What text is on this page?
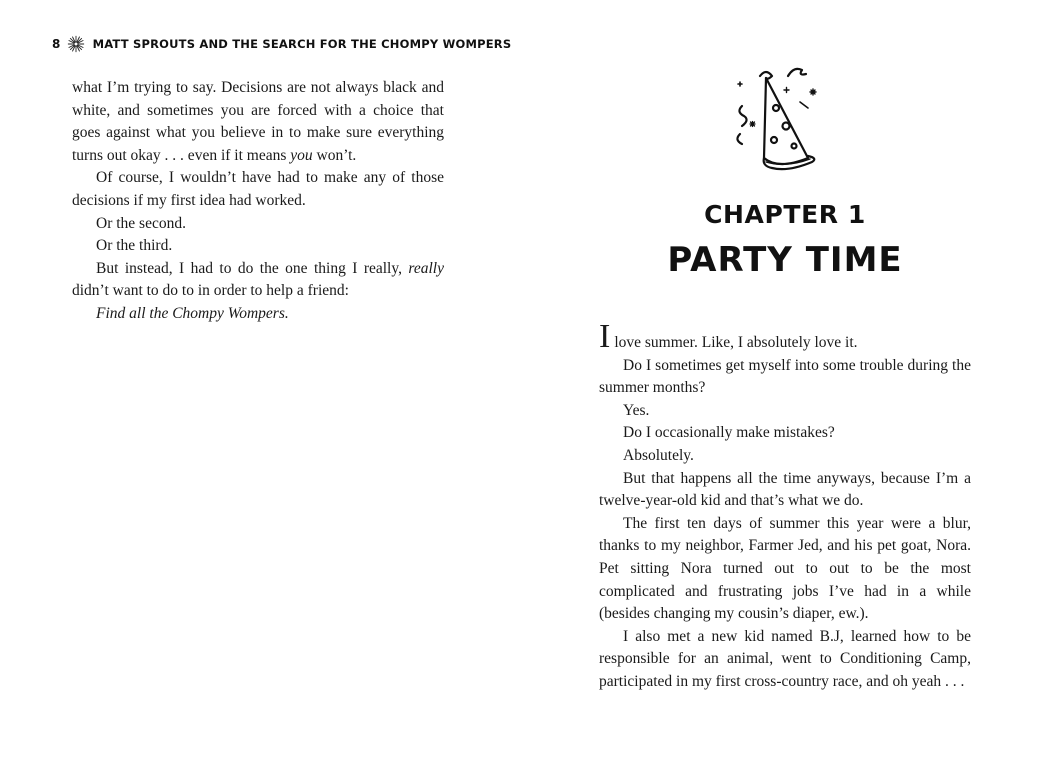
8	MATT SPROUTS AND THE SEARCH FOR THE CHOMPY WOMPERS

what I’m trying to say. Decisions are not always black and white, and sometimes you are forced with a choice that goes against what you believe in to make sure everything turns out okay . . . even if it means you won’t.

Of course, I wouldn’t have had to make any of those decisions if my first idea had worked.

Or the second.

Or the third.

But instead, I had to do the one thing I really, really didn’t want to do to in order to help a friend:

Find all the Chompy Wompers.

CHAPTER 1
PARTY TIME

Ilove summer. Like, I absolutely love it.

Do I sometimes get myself into some trouble during the summer months?

Yes.

Do I occasionally make mistakes?

Absolutely.

But that happens all the time anyways, because I’m a twelve-year-old kid and that’s what we do.

The first ten days of summer this year were a blur, thanks to my neighbor, Farmer Jed, and his pet goat, Nora. Pet sitting Nora turned out to out to be the most complicated and frustrating jobs I’ve had in a while (besides changing my cousin’s diaper, ew.).

I also met a new kid named B.J, learned how to be responsible for an animal, went to Conditioning Camp, participated in my first cross-country race, and oh yeah . . .
